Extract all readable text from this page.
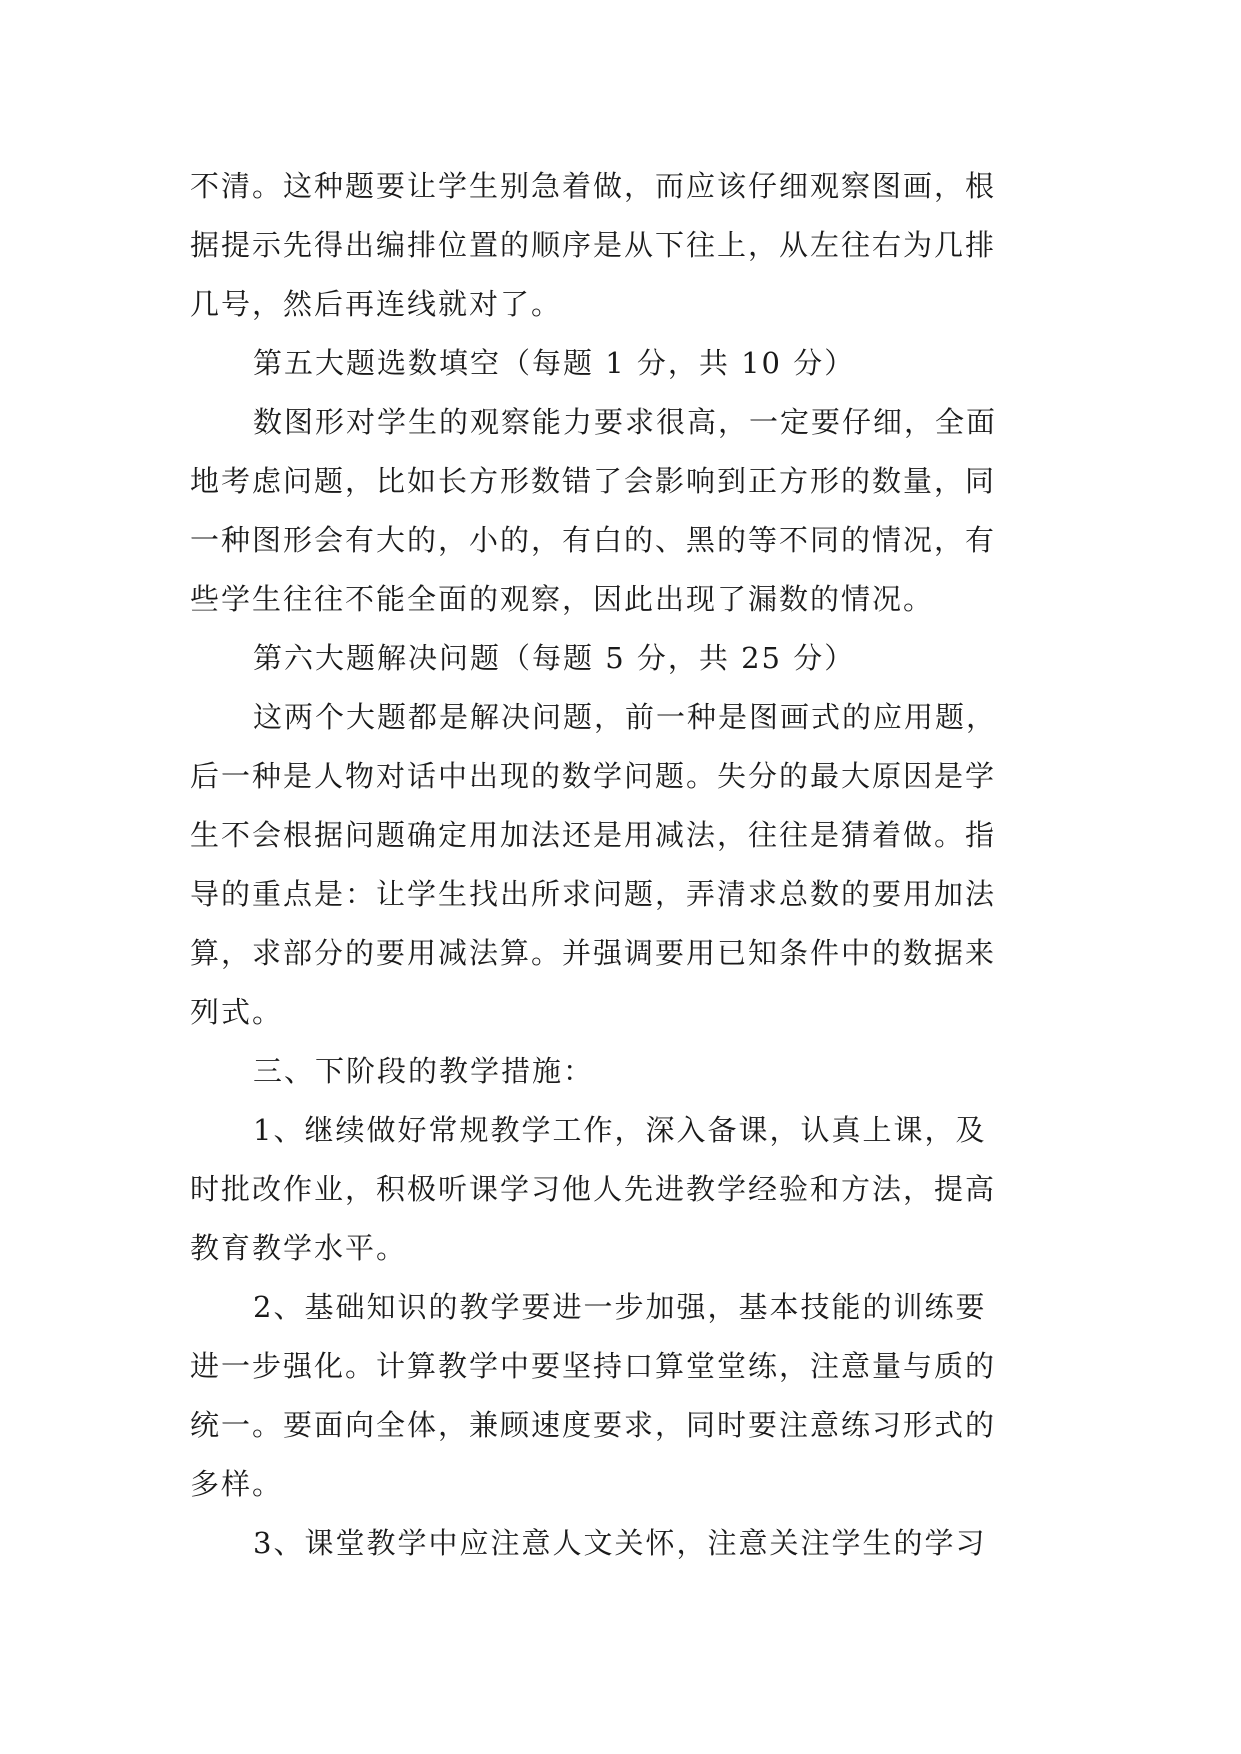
不清。这种题要让学生别急着做，而应该仔细观察图画，根
据提示先得出编排位置的顺序是从下往上，从左往右为几排
几号，然后再连线就对了。
第五大题选数填空（每题 1 分，共 10 分）
数图形对学生的观察能力要求很高，一定要仔细，全面
地考虑问题，比如长方形数错了会影响到正方形的数量，同
一种图形会有大的，小的，有白的、黑的等不同的情况，有
些学生往往不能全面的观察，因此出现了漏数的情况。
第六大题解决问题（每题 5 分，共 25 分）
这两个大题都是解决问题，前一种是图画式的应用题，
后一种是人物对话中出现的数学问题。失分的最大原因是学
生不会根据问题确定用加法还是用减法，往往是猜着做。指
导的重点是：让学生找出所求问题，弄清求总数的要用加法
算，求部分的要用减法算。并强调要用已知条件中的数据来
列式。
三、下阶段的教学措施：
1、继续做好常规教学工作，深入备课，认真上课，及
时批改作业，积极听课学习他人先进教学经验和方法，提高
教育教学水平。
2、基础知识的教学要进一步加强，基本技能的训练要
进一步强化。计算教学中要坚持口算堂堂练，注意量与质的
统一。要面向全体，兼顾速度要求，同时要注意练习形式的
多样。
3、课堂教学中应注意人文关怀，注意关注学生的学习
